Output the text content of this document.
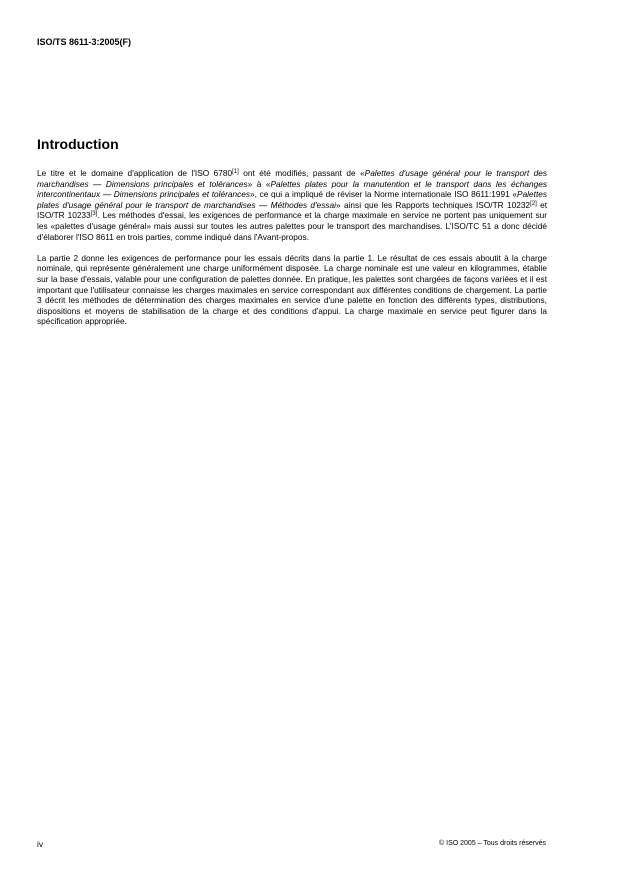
ISO/TS 8611-3:2005(F)
Introduction

Le titre et le domaine d'application de l'ISO 6780[1] ont été modifiés, passant de «Palettes d'usage général pour le transport des marchandises — Dimensions principales et tolérances» à «Palettes plates pour la manutention et le transport dans les échanges intercontinentaux — Dimensions principales et tolérances», ce qui a impliqué de réviser la Norme internationale ISO 8611:1991 «Palettes plates d'usage général pour le transport de marchandises — Méthodes d'essai» ainsi que les Rapports techniques ISO/TR 10232[2] et ISO/TR 10233[3]. Les méthodes d'essai, les exigences de performance et la charge maximale en service ne portent pas uniquement sur les «palettes d'usage général» mais aussi sur toutes les autres palettes pour le transport des marchandises. L'ISO/TC 51 a donc décidé d'élaborer l'ISO 8611 en trois parties, comme indiqué dans l'Avant-propos.

La partie 2 donne les exigences de performance pour les essais décrits dans la partie 1. Le résultat de ces essais aboutit à la charge nominale, qui représente généralement une charge uniformément disposée. La charge nominale est une valeur en kilogrammes, établie sur la base d'essais, valable pour une configuration de palettes donnée. En pratique, les palettes sont chargées de façons variées et il est important que l'utilisateur connaisse les charges maximales en service correspondant aux différentes conditions de chargement. La partie 3 décrit les méthodes de détermination des charges maximales en service d'une palette en fonction des différents types, distributions, dispositions et moyens de stabilisation de la charge et des conditions d'appui. La charge maximale en service peut figurer dans la spécification appropriée.

iv	© ISO 2005 – Tous droits réservés
